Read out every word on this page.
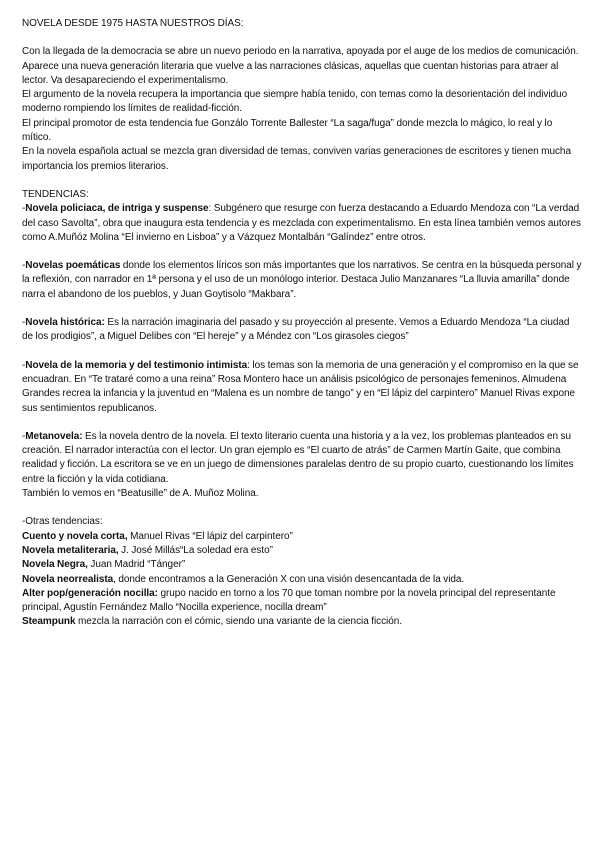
NOVELA DESDE 1975 HASTA NUESTROS DÍAS:

Con la llegada de la democracia se abre un nuevo periodo en la narrativa, apoyada por el auge de los medios de comunicación. Aparece una nueva generación literaria que vuelve a las narraciones clásicas, aquellas que cuentan historias para atraer al lector. Va desapareciendo el experimentalismo.

El argumento de la novela recupera la importancia que siempre había tenido, con temas como la desorientación del individuo moderno rompiendo los límites de realidad-ficción.

El principal promotor de esta tendencia fue Gonzálo Torrente Ballester “La saga/fuga” donde mezcla lo mágico, lo real y lo mítico.

En la novela española actual se mezcla gran diversidad de temas, conviven varias generaciones de escritores y tienen mucha importancia los premios literarios.

TENDENCIAS:

-Novela policiaca, de intriga y suspense: Subgénero que resurge con fuerza destacando a Eduardo Mendoza con “La verdad del caso Savolta”, obra que inaugura esta tendencia y es mezclada con experimentalismo. En esta línea también vemos autores como A.Muñóz Molina “El invierno en Lisboa” y a Vázquez Montalbán “Galíndez” entre otros.

-Novelas poemáticas donde los elementos líricos son más importantes que los narrativos. Se centra en la búsqueda personal y la reflexión, con narrador en 1ª persona y el uso de un monólogo interior. Destaca Julio Manzanares “La lluvia amarilla” donde narra el abandono de los pueblos, y Juan Goytisolo “Makbara”.

-Novela histórica: Es la narración imaginaria del pasado y su proyección al presente. Vemos a Eduardo Mendoza “La ciudad de los prodigios”, a Miguel Delibes con “El hereje” y a Méndez con “Los girasoles ciegos”

-Novela de la memoria y del testimonio intimista: los temas son la memoria de una generación y el compromiso en la que se encuadran. En “Te trataré como a una reina” Rosa Montero hace un análisis psicológico de personajes femeninos. Almudena Grandes recrea la infancia y la juventud en “Malena es un nombre de tango” y en “El lápiz del carpintero” Manuel Rivas expone sus sentimientos republicanos.

-Metanovela: Es la novela dentro de la novela. El texto literario cuenta una historia y a la vez, los problemas planteados en su creación. El narrador interactúa con el lector. Un gran ejemplo es “El cuarto de atrás” de Carmen Martín Gaite, que combina realidad y ficción. La escritora se ve en un juego de dimensiones paralelas dentro de su propio cuarto, cuestionando los límites entre la ficción y la vida cotidiana.

También lo vemos en “Beatusille” de A. Muñoz Molina.

-Otras tendencias:

Cuento y novela corta, Manuel Rivas “El lápiz del carpintero”

Novela metaliteraria, J. José Millás“La soledad era esto”

Novela Negra, Juan Madrid “Tánger”

Novela neorrealista, donde encontramos a la Generación X con una visión desencantada de la vida.

Alter pop/generación nocilla: grupo nacido en torno a los 70 que toman nombre por la novela principal del representante principal, Agustín Fernández Mallo “Nocilla experience, nocilla dream”

Steampunk mezcla la narración con el cómic, siendo una variante de la ciencia ficción.
